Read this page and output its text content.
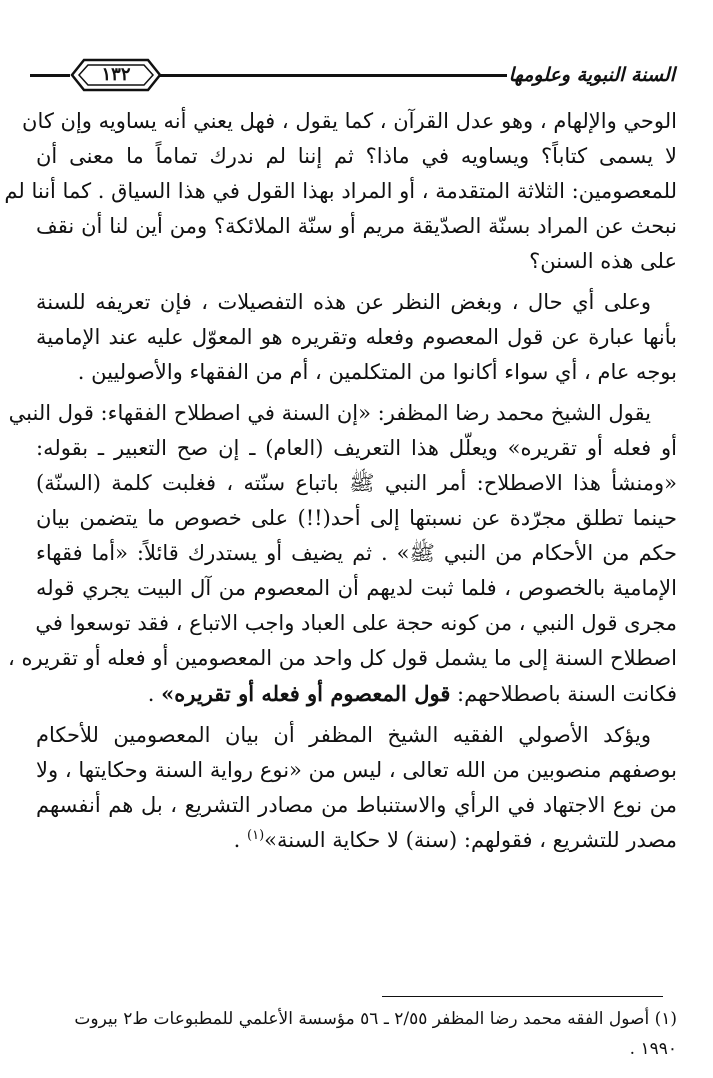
السنة النبوية وعلومها
١٣٢

الوحي والإلهام ، وهو عدل القرآن ، كما يقول ، فهل يعني أنه يساويه وإن كان
لا يسمى كتاباً؟ ويساويه في ماذا؟ ثم إننا لم ندرك تماماً ما معنى أن
للمعصومين: الثلاثة المتقدمة ، أو المراد بهذا القول في هذا السياق . كما أننا لم
نبحث عن المراد بسنّة الصدّيقة مريم أو سنّة الملائكة؟ ومن أين لنا أن نقف
على هذه السنن؟

وعلى أي حال ، وبغض النظر عن هذه التفصيلات ، فإن تعريفه للسنة
بأنها عبارة عن قول المعصوم وفعله وتقريره هو المعوّل عليه عند الإمامية
بوجه عام ، أي سواء أكانوا من المتكلمين ، أم من الفقهاء والأصوليين .

يقول الشيخ محمد رضا المظفر: «إن السنة في اصطلاح الفقهاء: قول النبي
أو فعله أو تقريره» ويعلّل هذا التعريف (العام) ـ إن صح التعبير ـ بقوله:
«ومنشأ هذا الاصطلاح: أمر النبي ﷺ باتباع سنّته ، فغلبت كلمة (السنّة)
حينما تطلق مجرّدة عن نسبتها إلى أحد(!!) على خصوص ما يتضمن بيان
حكم من الأحكام من النبي ﷺ» . ثم يضيف أو يستدرك قائلاً: «أما فقهاء
الإمامية بالخصوص ، فلما ثبت لديهم أن المعصوم من آل البيت يجري قوله
مجرى قول النبي ، من كونه حجة على العباد واجب الاتباع ، فقد توسعوا في
اصطلاح السنة إلى ما يشمل قول كل واحد من المعصومين أو فعله أو تقريره ،
فكانت السنة باصطلاحهم: قول المعصوم أو فعله أو تقريره» .

ويؤكد الأصولي الفقيه الشيخ المظفر أن بيان المعصومين للأحكام
بوصفهم منصوبين من الله تعالى ، ليس من «نوع رواية السنة وحكايتها ، ولا
من نوع الاجتهاد في الرأي والاستنباط من مصادر التشريع ، بل هم أنفسهم
مصدر للتشريع ، فقولهم: (سنة) لا حكاية السنة»$^{(١)}$ .

(١) أصول الفقه محمد رضا المظفر ٢/٥٥ ـ ٥٦ مؤسسة الأعلمي للمطبوعات ط٢ بيروت
١٩٩٠ .
